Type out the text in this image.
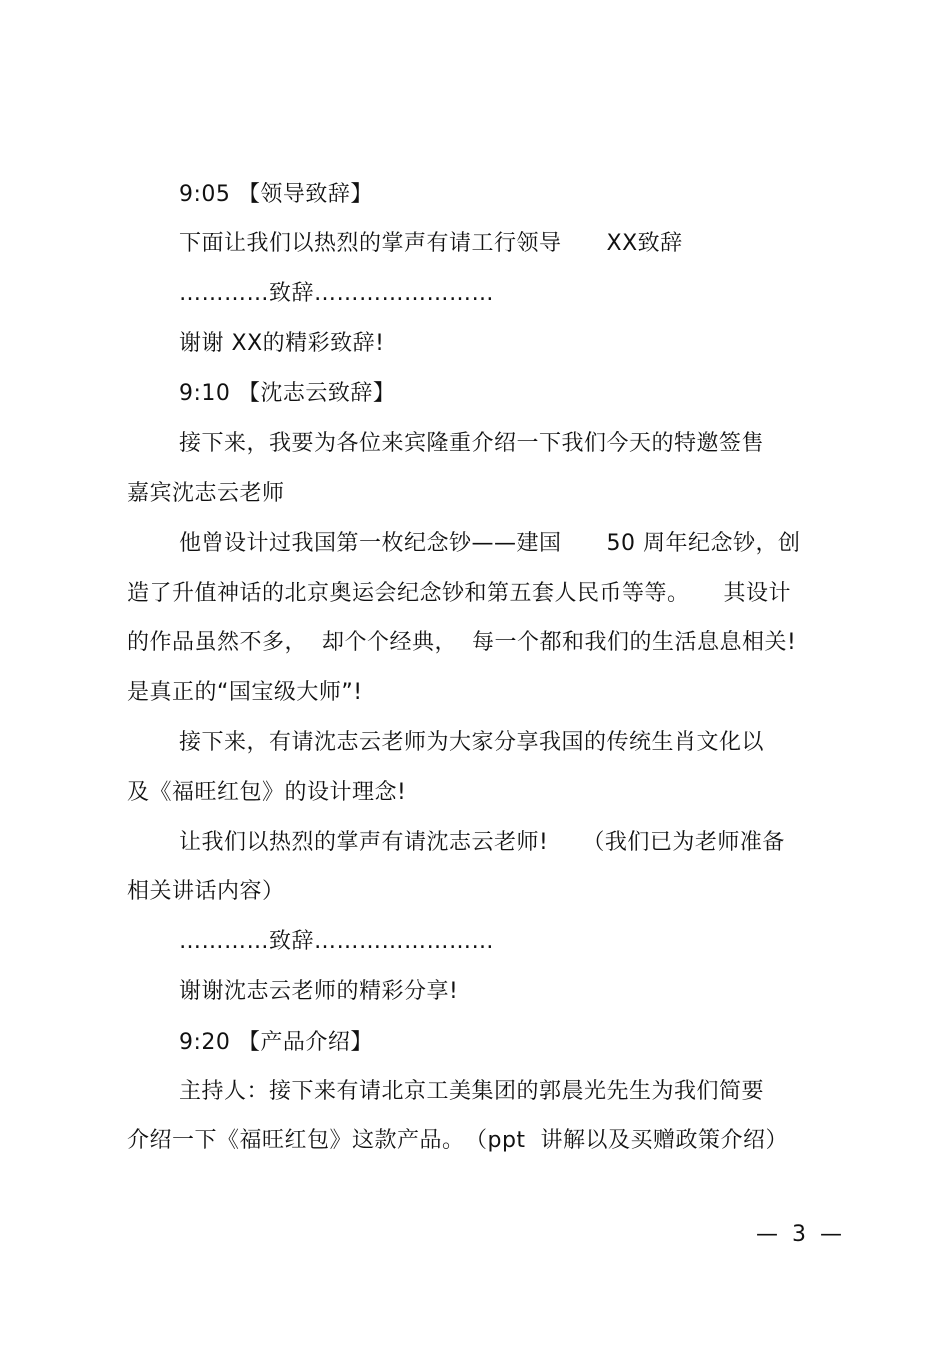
9:05 【领导致辞】
下面让我们以热烈的掌声有请工行领导　　XX致辞
…………致辞……………………
谢谢 XX的精彩致辞!
9:10 【沈志云致辞】
接下来，我要为各位来宾隆重介绍一下我们今天的特邀签售
嘉宾沈志云老师
他曾设计过我国第一枚纪念钞——建国　　50 周年纪念钞，创
造了升值神话的北京奥运会纪念钞和第五套人民币等等。　　其设计
的作品虽然不多，  却个个经典，  每一个都和我们的生活息息相关!
是真正的“国宝级大师”!
接下来，有请沈志云老师为大家分享我国的传统生肖文化以
及《福旺红包》的设计理念!
让我们以热烈的掌声有请沈志云老师!　　（我们已为老师准备
相关讲话内容）
…………致辞……………………
谢谢沈志云老师的精彩分享!
9:20 【产品介绍】
主持人：接下来有请北京工美集团的郭晨光先生为我们简要
介绍一下《福旺红包》这款产品。　（ppt  讲解以及买赠政策介绍）
—  3  —
